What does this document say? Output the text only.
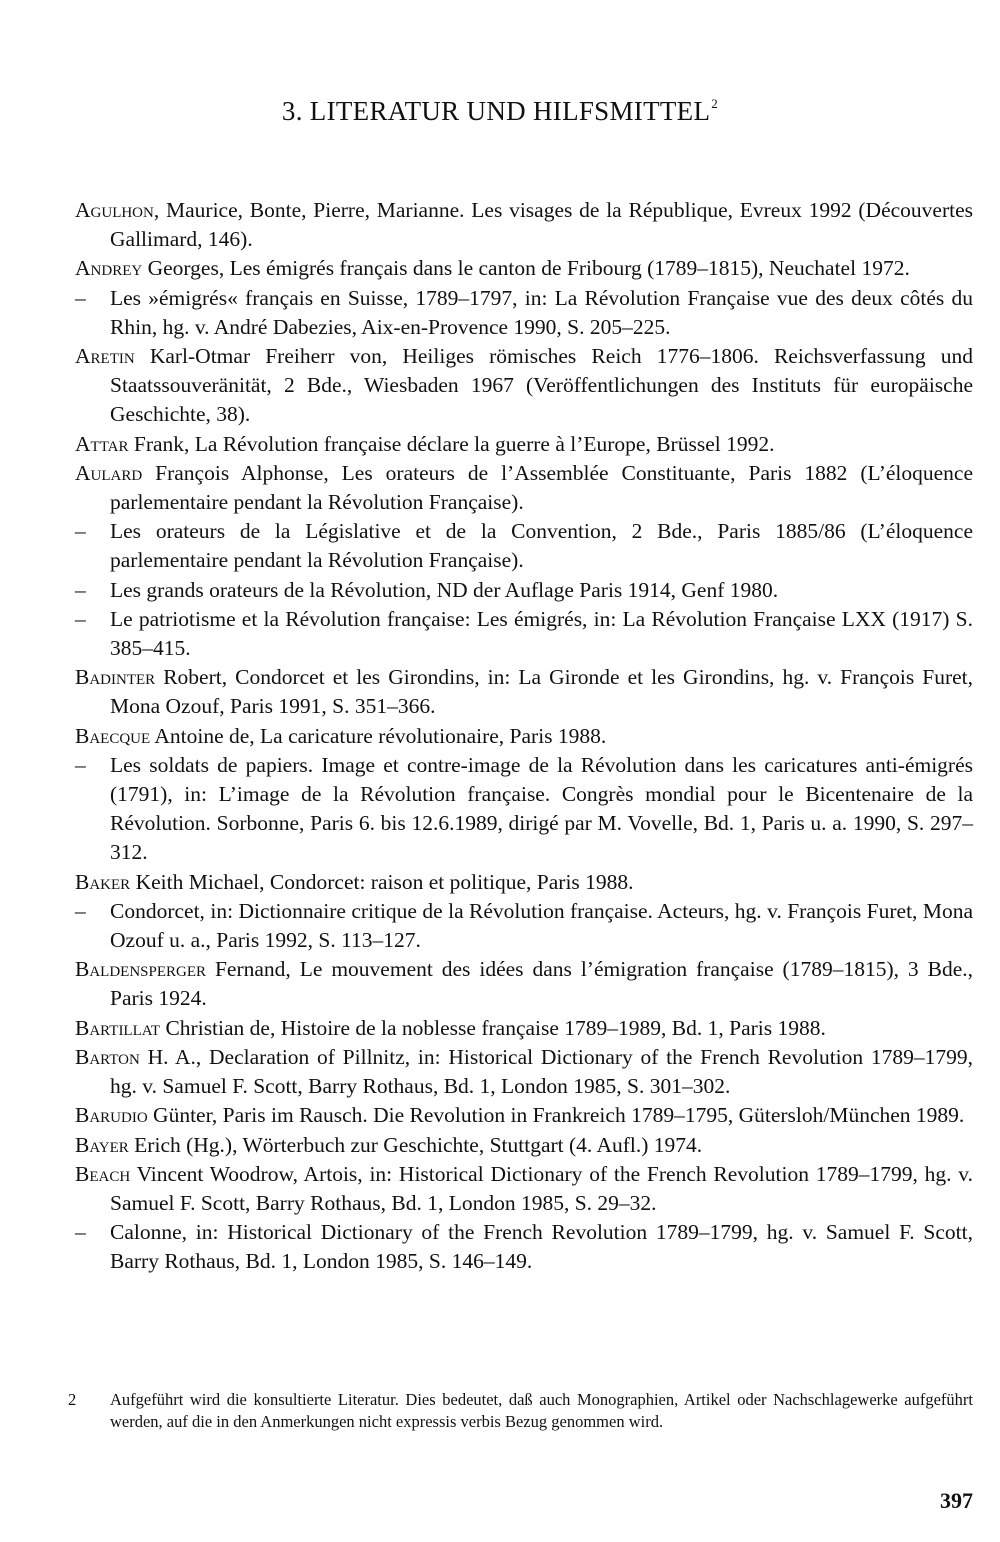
3. LITERATUR UND HILFSMITTEL$^2$

Agulhon, Maurice, Bonte, Pierre, Marianne. Les visages de la République, Evreux 1992 (Découvertes Gallimard, 146).

Andrey Georges, Les émigrés français dans le canton de Fribourg (1789–1815), Neuchatel 1972.

– Les »émigrés« français en Suisse, 1789–1797, in: La Révolution Française vue des deux côtés du Rhin, hg. v. André Dabezies, Aix-en-Provence 1990, S. 205–225.

Aretin Karl-Otmar Freiherr von, Heiliges römisches Reich 1776–1806. Reichsverfassung und Staatssouveränität, 2 Bde., Wiesbaden 1967 (Veröffentlichungen des Instituts für europäische Geschichte, 38).

Attar Frank, La Révolution française déclare la guerre à l’Europe, Brüssel 1992.

Aulard François Alphonse, Les orateurs de l’Assemblée Constituante, Paris 1882 (L’éloquence parlementaire pendant la Révolution Française).

– Les orateurs de la Législative et de la Convention, 2 Bde., Paris 1885/86 (L’éloquence parlementaire pendant la Révolution Française).

– Les grands orateurs de la Révolution, ND der Auflage Paris 1914, Genf 1980.

– Le patriotisme et la Révolution française: Les émigrés, in: La Révolution Française LXX (1917) S. 385–415.

Badinter Robert, Condorcet et les Girondins, in: La Gironde et les Girondins, hg. v. François Furet, Mona Ozouf, Paris 1991, S. 351–366.

Baecque Antoine de, La caricature révolutionaire, Paris 1988.

– Les soldats de papiers. Image et contre-image de la Révolution dans les caricatures anti-émigrés (1791), in: L’image de la Révolution française. Congrès mondial pour le Bicentenaire de la Révolution. Sorbonne, Paris 6. bis 12.6.1989, dirigé par M. Vovelle, Bd. 1, Paris u. a. 1990, S. 297–312.

Baker Keith Michael, Condorcet: raison et politique, Paris 1988.

– Condorcet, in: Dictionnaire critique de la Révolution française. Acteurs, hg. v. François Furet, Mona Ozouf u. a., Paris 1992, S. 113–127.

Baldensperger Fernand, Le mouvement des idées dans l’émigration française (1789–1815), 3 Bde., Paris 1924.

Bartillat Christian de, Histoire de la noblesse française 1789–1989, Bd. 1, Paris 1988.

Barton H. A., Declaration of Pillnitz, in: Historical Dictionary of the French Revolution 1789–1799, hg. v. Samuel F. Scott, Barry Rothaus, Bd. 1, London 1985, S. 301–302.

Barudio Günter, Paris im Rausch. Die Revolution in Frankreich 1789–1795, Gütersloh/München 1989.

Bayer Erich (Hg.), Wörterbuch zur Geschichte, Stuttgart (4. Aufl.) 1974.

Beach Vincent Woodrow, Artois, in: Historical Dictionary of the French Revolution 1789–1799, hg. v. Samuel F. Scott, Barry Rothaus, Bd. 1, London 1985, S. 29–32.

– Calonne, in: Historical Dictionary of the French Revolution 1789–1799, hg. v. Samuel F. Scott, Barry Rothaus, Bd. 1, London 1985, S. 146–149.

2 Aufgeführt wird die konsultierte Literatur. Dies bedeutet, daß auch Monographien, Artikel oder Nachschlagewerke aufgeführt werden, auf die in den Anmerkungen nicht expressis verbis Bezug genommen wird.
397
